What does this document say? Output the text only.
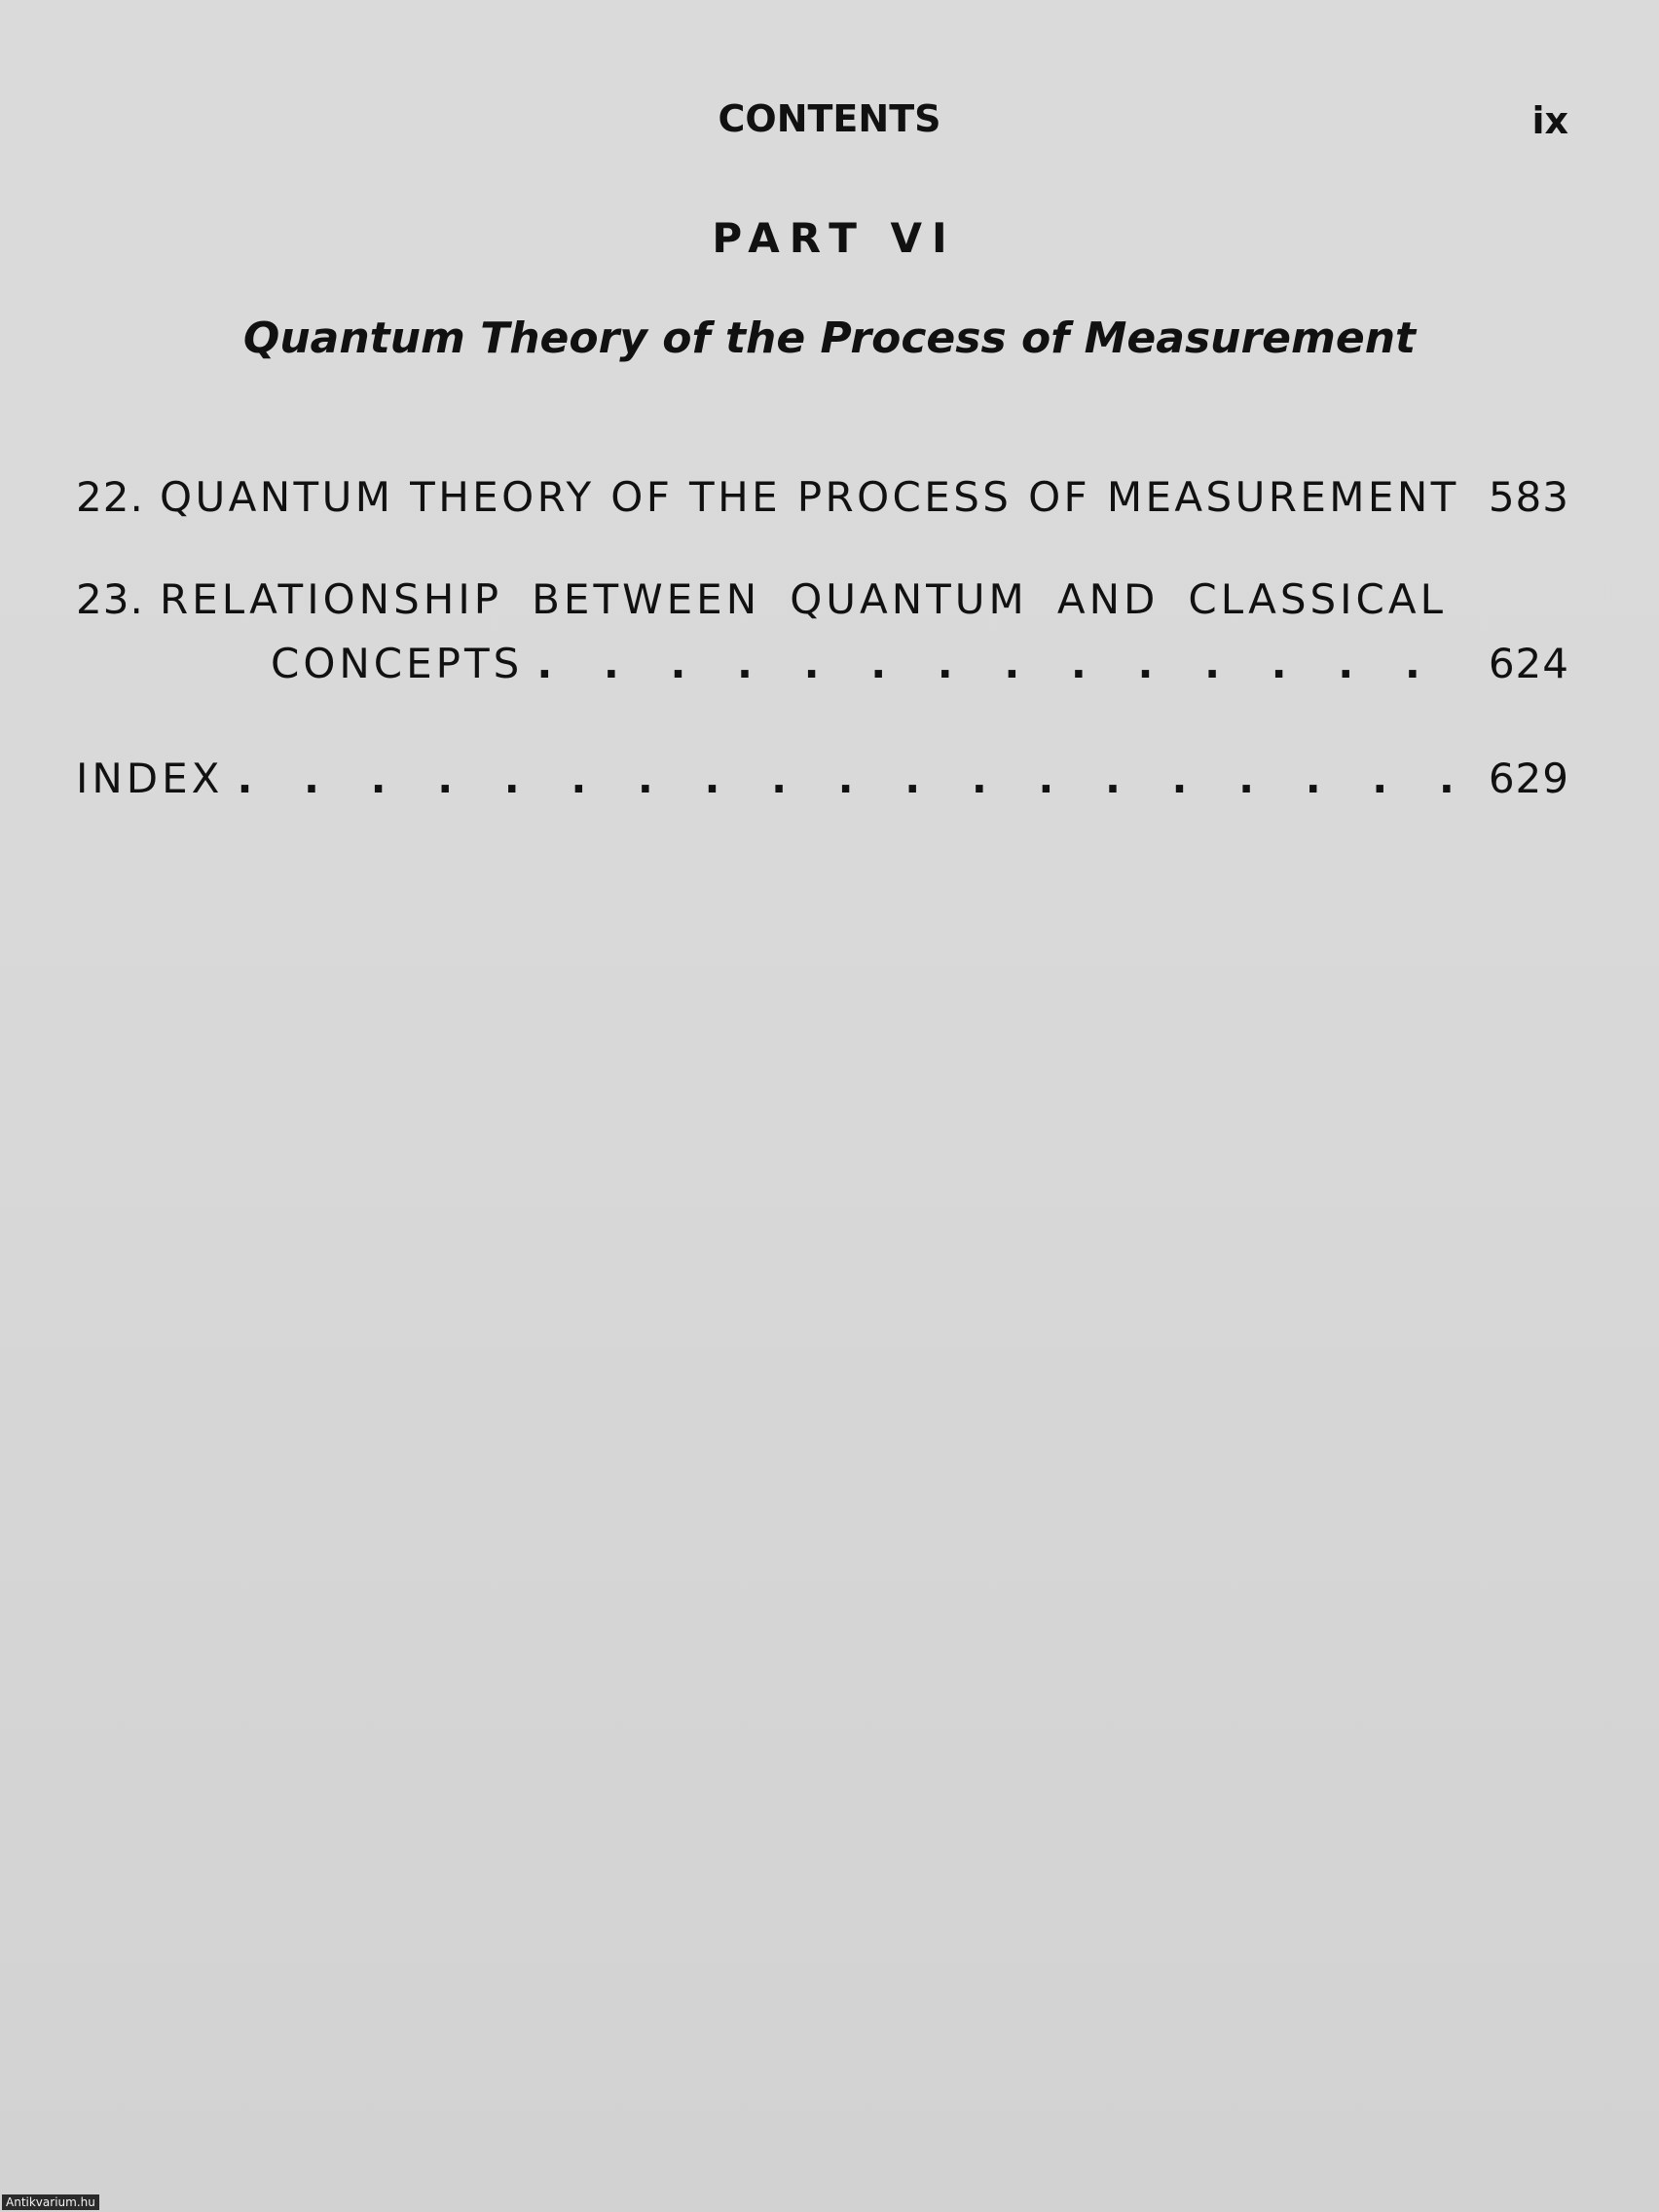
CONTENTS	ix
PART VI
Quantum Theory of the Process of Measurement
22. QUANTUM THEORY OF THE PROCESS OF MEASUREMENT 583
23. RELATIONSHIP BETWEEN QUANTUM AND CLASSICAL
CONCEPTS . . .	624
INDEX . . .	629
Antikvarium.hu
